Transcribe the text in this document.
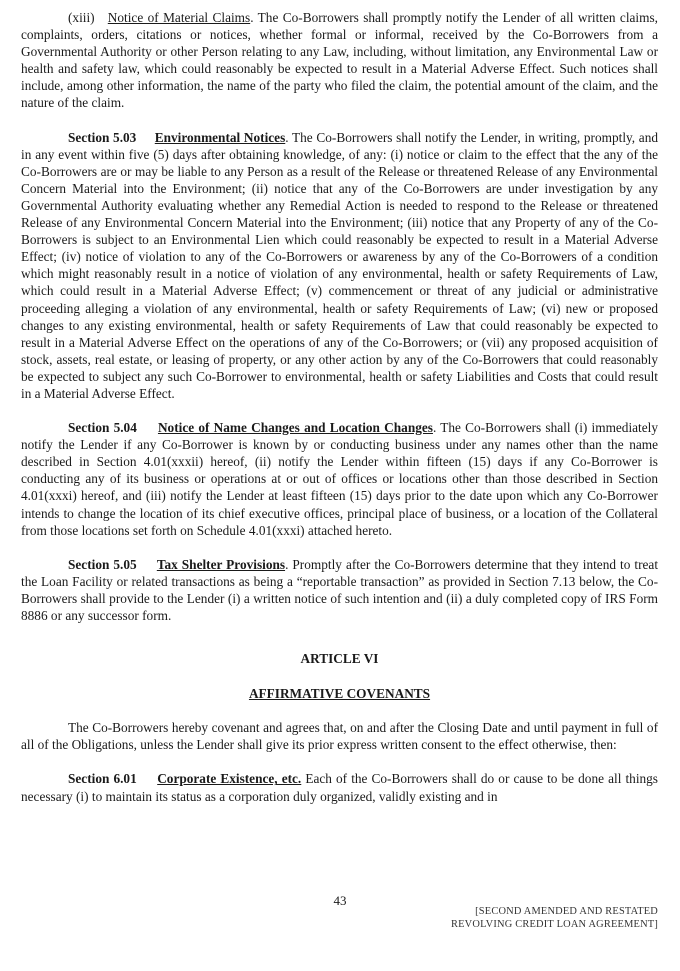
(xiii) Notice of Material Claims. The Co-Borrowers shall promptly notify the Lender of all written claims, complaints, orders, citations or notices, whether formal or informal, received by the Co-Borrowers from a Governmental Authority or other Person relating to any Law, including, without limitation, any Environmental Law or health and safety law, which could reasonably be expected to result in a Material Adverse Effect. Such notices shall include, among other information, the name of the party who filed the claim, the potential amount of the claim, and the nature of the claim.

Section 5.03 Environmental Notices. The Co-Borrowers shall notify the Lender, in writing, promptly, and in any event within five (5) days after obtaining knowledge, of any: (i) notice or claim to the effect that the any of the Co-Borrowers are or may be liable to any Person as a result of the Release or threatened Release of any Environmental Concern Material into the Environment; (ii) notice that any of the Co-Borrowers are under investigation by any Governmental Authority evaluating whether any Remedial Action is needed to respond to the Release or threatened Release of any Environmental Concern Material into the Environment; (iii) notice that any Property of any of the Co-Borrowers is subject to an Environmental Lien which could reasonably be expected to result in a Material Adverse Effect; (iv) notice of violation to any of the Co-Borrowers or awareness by any of the Co-Borrowers of a condition which might reasonably result in a notice of violation of any environmental, health or safety Requirements of Law, which could result in a Material Adverse Effect; (v) commencement or threat of any judicial or administrative proceeding alleging a violation of any environmental, health or safety Requirements of Law; (vi) new or proposed changes to any existing environmental, health or safety Requirements of Law that could reasonably be expected to result in a Material Adverse Effect on the operations of any of the Co-Borrowers; or (vii) any proposed acquisition of stock, assets, real estate, or leasing of property, or any other action by any of the Co-Borrowers that could reasonably be expected to subject any such Co-Borrower to environmental, health or safety Liabilities and Costs that could result in a Material Adverse Effect.

Section 5.04 Notice of Name Changes and Location Changes. The Co-Borrowers shall (i) immediately notify the Lender if any Co-Borrower is known by or conducting business under any names other than the name described in Section 4.01(xxxii) hereof, (ii) notify the Lender within fifteen (15) days if any Co-Borrower is conducting any of its business or operations at or out of offices or locations other than those described in Section 4.01(xxxi) hereof, and (iii) notify the Lender at least fifteen (15) days prior to the date upon which any Co-Borrower intends to change the location of its chief executive offices, principal place of business, or a location of the Collateral from those locations set forth on Schedule 4.01(xxxi) attached hereto.

Section 5.05 Tax Shelter Provisions. Promptly after the Co-Borrowers determine that they intend to treat the Loan Facility or related transactions as being a “reportable transaction” as provided in Section 7.13 below, the Co-Borrowers shall provide to the Lender (i) a written notice of such intention and (ii) a duly completed copy of IRS Form 8886 or any successor form.

ARTICLE VI

AFFIRMATIVE COVENANTS

The Co-Borrowers hereby covenant and agrees that, on and after the Closing Date and until payment in full of all of the Obligations, unless the Lender shall give its prior express written consent to the effect otherwise, then:

Section 6.01 Corporate Existence, etc. Each of the Co-Borrowers shall do or cause to be done all things necessary (i) to maintain its status as a corporation duly organized, validly existing and in

43
[SECOND AMENDED AND RESTATED
REVOLVING CREDIT LOAN AGREEMENT]
